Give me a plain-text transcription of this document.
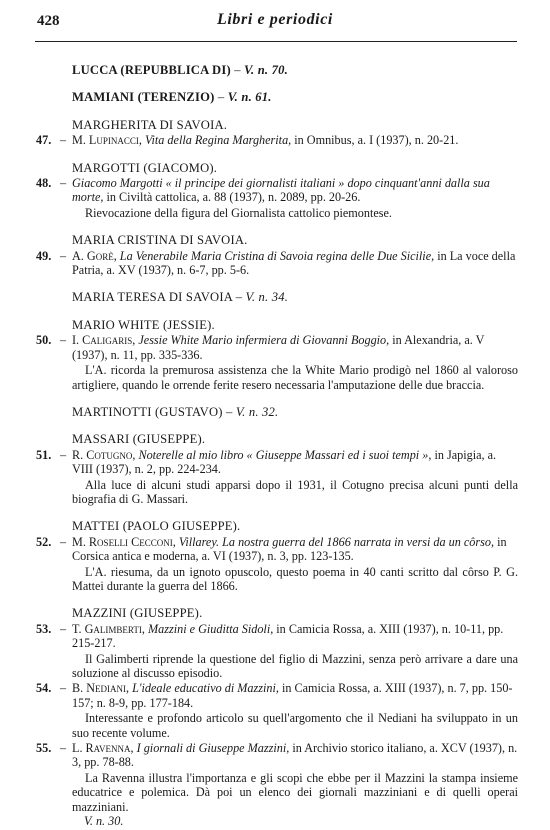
428	Libri e periodici
LUCCA (REPUBBLICA DI) – V. n. 70.
MAMIANI (TERENZIO) – V. n. 61.
MARGHERITA DI SAVOIA.
47. – M. Lupinacci, Vita della Regina Margherita, in Omnibus, a. I (1937), n. 20-21.
MARGOTTI (GIACOMO).
48. – Giacomo Margotti « il principe dei giornalisti italiani » dopo cinquant'anni dalla sua morte, in Civiltà cattolica, a. 88 (1937), n. 2089, pp. 20-26.
Rievocazione della figura del Giornalista cattolico piemontese.
MARIA CRISTINA DI SAVOIA.
49. – A. Gorè, La Venerabile Maria Cristina di Savoia regina delle Due Sicilie, in La voce della Patria, a. XV (1937), n. 6-7, pp. 5-6.
MARIA TERESA DI SAVOIA – V. n. 34.
MARIO WHITE (JESSIE).
50. – I. Caligaris, Jessie White Mario infermiera di Giovanni Boggio, in Alexandria, a. V (1937), n. 11, pp. 335-336.
L'A. ricorda la premurosa assistenza che la White Mario prodigò nel 1860 al valoroso artigliere, quando le orrende ferite resero necessaria l'amputazione delle due braccia.
MARTINOTTI (GUSTAVO) – V. n. 32.
MASSARI (GIUSEPPE).
51. – R. Cotugno, Noterelle al mio libro « Giuseppe Massari ed i suoi tempi », in Japigia, a. VIII (1937), n. 2, pp. 224-234.
Alla luce di alcuni studi apparsi dopo il 1931, il Cotugno precisa alcuni punti della biografia di G. Massari.
MATTEI (PAOLO GIUSEPPE).
52. – M. Roselli Cecconi, Villarey. La nostra guerra del 1866 narrata in versi da un côrso, in Corsica antica e moderna, a. VI (1937), n. 3, pp. 123-135.
L'A. riesuma, da un ignoto opuscolo, questo poema in 40 canti scritto dal côrso P. G. Mattei durante la guerra del 1866.
MAZZINI (GIUSEPPE).
53. – T. Galimberti, Mazzini e Giuditta Sidoli, in Camicia Rossa, a. XIII (1937), n. 10-11, pp. 215-217.
Il Galimberti riprende la questione del figlio di Mazzini, senza però arrivare a dare una soluzione al discusso episodio.
54. – B. Nediani, L'ideale educativo di Mazzini, in Camicia Rossa, a. XIII (1937), n. 7, pp. 150-157; n. 8-9, pp. 177-184.
Interessante e profondo articolo su quell'argomento che il Nediani ha sviluppato in un suo recente volume.
55. – L. Ravenna, I giornali di Giuseppe Mazzini, in Archivio storico italiano, a. XCV (1937), n. 3, pp. 78-88.
La Ravenna illustra l'importanza e gli scopi che ebbe per il Mazzini la stampa insieme educatrice e polemica. Dà poi un elenco dei giornali mazziniani e di quelli operai mazziniani.
V. n. 30.
